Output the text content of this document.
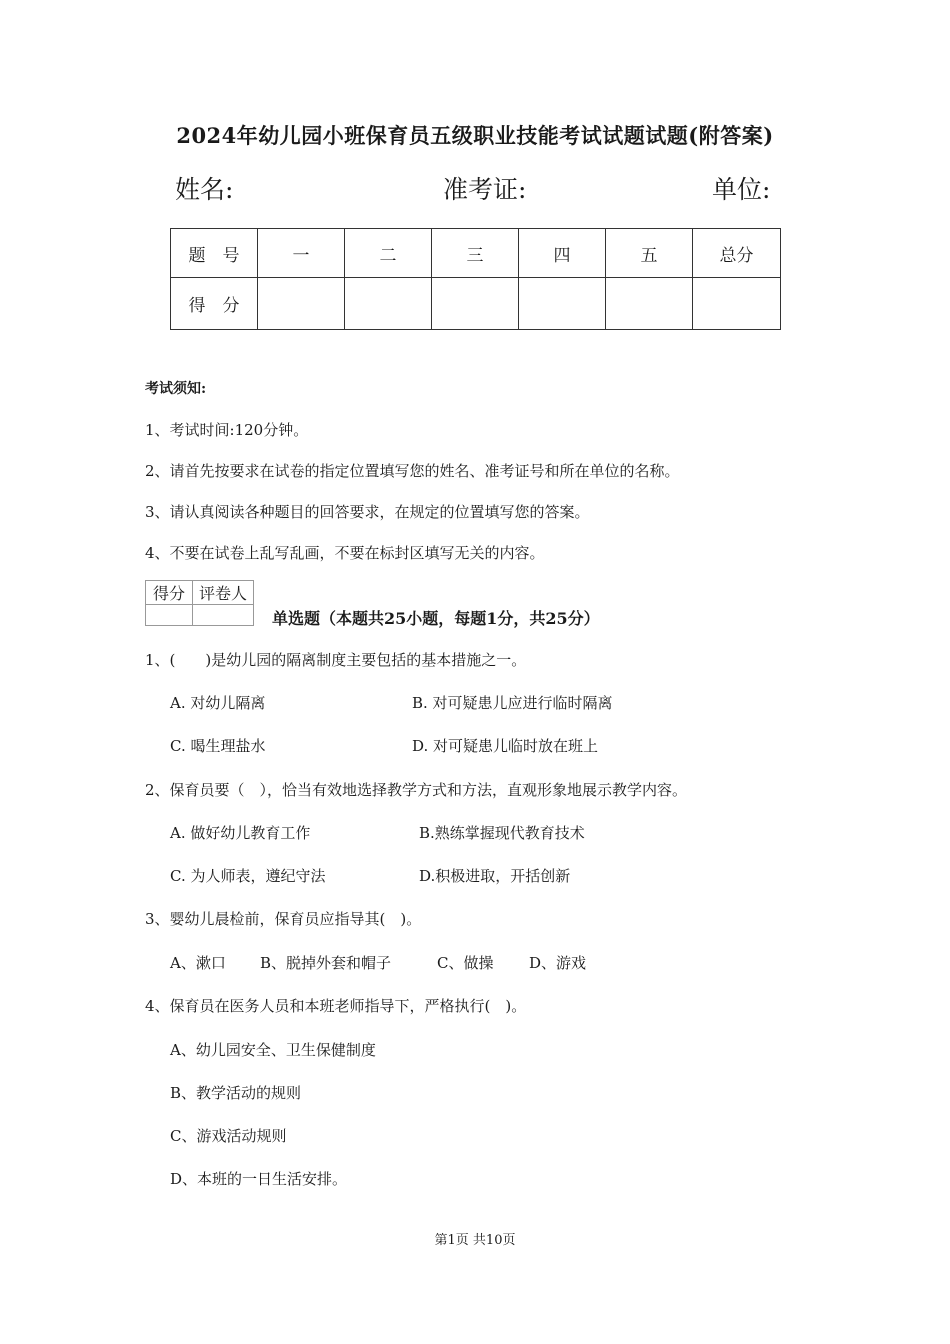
2024年幼儿园小班保育员五级职业技能考试试题试题(附答案)
姓名:	准考证:	单位:
题　号	一	二	三	四	五	总分
得　分						
考试须知:
1、考试时间:120分钟。
2、请首先按要求在试卷的指定位置填写您的姓名、准考证号和所在单位的名称。
3、请认真阅读各种题目的回答要求，在规定的位置填写您的答案。
4、不要在试卷上乱写乱画，不要在标封区填写无关的内容。
得分	评卷人

单选题（本题共25小题，每题1分，共25分）
1、(　　)是幼儿园的隔离制度主要包括的基本措施之一。
A. 对幼儿隔离	B. 对可疑患儿应进行临时隔离
C. 喝生理盐水	D. 对可疑患儿临时放在班上
2、保育员要（　），恰当有效地选择教学方式和方法，直观形象地展示教学内容。
A. 做好幼儿教育工作	B.熟练掌握现代教育技术
C. 为人师表，遵纪守法	D.积极进取，开括创新
3、婴幼儿晨检前，保育员应指导其(　)。
A、漱口 B、脱掉外套和帽子	C、做操 D、游戏
4、保育员在医务人员和本班老师指导下，严格执行(　)。
A、幼儿园安全、卫生保健制度
B、教学活动的规则
C、游戏活动规则
D、本班的一日生活安排。
第1页 共10页
